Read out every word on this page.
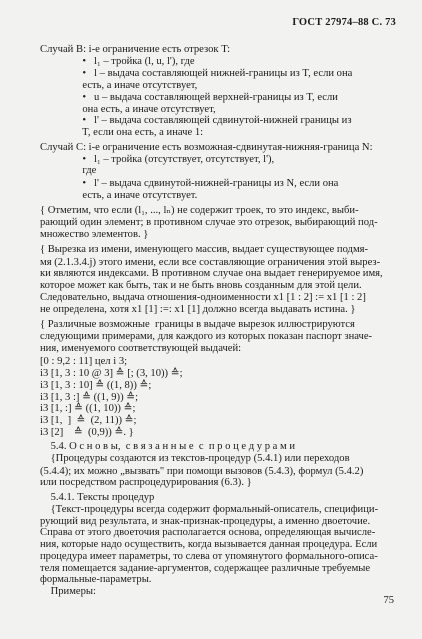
ГОСТ 27974–88 С. 73
Случай B: i-е ограничение есть отрезок T:
•   l₁ – тройка (l, u, l'), где
•   l – выдача составляющей нижней-границы из T, если она
есть, а иначе отсутствует,
•   u – выдача составляющей верхней-границы из T, если
она есть, а иначе отсутствует,
•   l' – выдача составляющей сдвинутой-нижней границы из
T, если она есть, а иначе 1:
Случай C: i-е ограничение есть возможная-сдвинутая-нижняя-граница N:
•   l₁ – тройка (отсутствует, отсутствует, l'),
где
•   l' – выдача сдвинутой-нижней-границы из N, если она
есть, а иначе отсутствует.
{ Отметим, что если (l₁, ..., lₙ) не содержит троек, то это индекс, выби-
рающий один элемент; в противном случае это отрезок, выбирающий под-
множество элементов. }
{ Вырезка из имени, именующего массив, выдает существующее подмя-
мя (2.1.3.4.j) этого имени, если все составляющие ограничения этой вырез-
ки являются индексами. В противном случае она выдает генерируемое имя,
которое может как быть, так и не быть вновь созданным для этой цели.
Следовательно, выдача отношения-одноименности x1 [1 : 2] := x1 [1 : 2]
не определена, хотя x1 [1] :=: x1 [1] должно всегда выдавать истина. }
{ Различные возможные  границы в выдаче вырезок иллюстрируются
следующими примерами, для каждого из которых показан паспорт значе-
ния, именуемого соответствующей выдачей:
[0 : 9,2 : 11] цел i 3;
i3 [1, 3 : 10 @ 3] ≙ [; (3, 10)) ≙;
i3 [1, 3 : 10] ≙ ((1, 8)) ≙;
i3 [1, 3 :] ≙ ((1, 9)) ≙;
i3 [1, :] ≙ ((1, 10)) ≙;
i3 [1,  ]  ≙  (2, 11)) ≙;
i3 [2]    ≙  (0,9)) ≙. }
5.4. О с н о в ы,  с в я з а н н ы е  с  п р о ц е д у р а м и
{Процедуры создаются из текстов-процедур (5.4.1) или переходов
(5.4.4); их можно „вызвать" при помощи вызовов (5.4.3), формул (5.4.2)
или посредством распроцедурирования (6.3). }
5.4.1. Тексты процедур
{Текст-процедуры всегда содержит формальный-описатель, специфици-
рующий вид результата, и знак-признак-процедуры, а именно двоеточие.
Справа от этого двоеточия располагается основа, определяющая вычисле-
ния, которые надо осуществить, когда вызывается данная процедура. Если
процедура имеет параметры, то слева от упомянутого формального-описа-
теля помещается задание-аргументов, содержащее различные требуемые
формальные-параметры.
Примеры:
75
